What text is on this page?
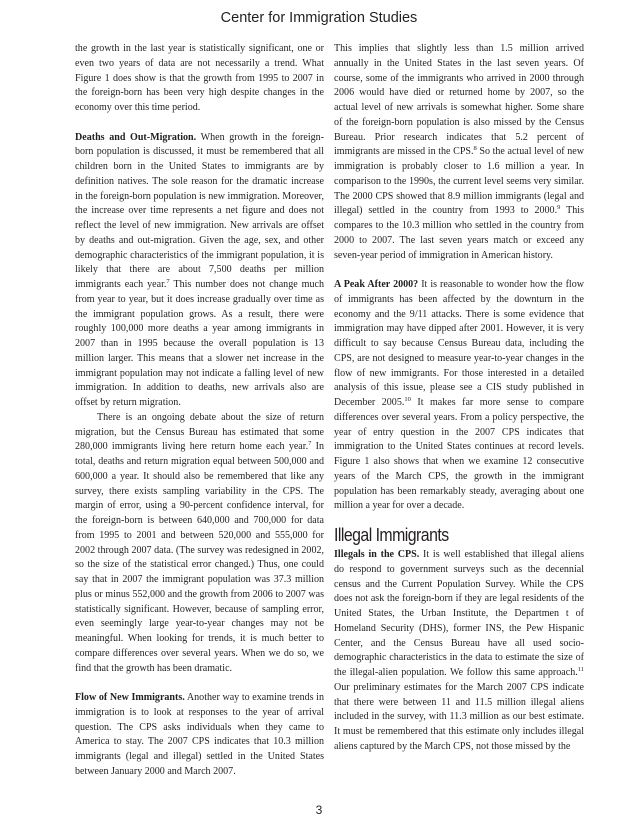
Center for Immigration Studies

the growth in the last year is statistically significant, one or even two years of data are not necessarily a trend. What Figure 1 does show is that the growth from 1995 to 2007 in the foreign-born has been very high despite changes in the economy over this time period.

Deaths and Out-Migration. When growth in the foreign-born population is discussed, it must be remembered that all children born in the United States to immigrants are by definition natives. The sole reason for the dramatic increase in the foreign-born population is new immigration. Moreover, the increase over time represents a net figure and does not reflect the level of new immigration. New arrivals are offset by deaths and out-migration. Given the age, sex, and other demographic characteristics of the immigrant population, it is likely that there are about 7,500 deaths per million immigrants each year.$^7$ This number does not change much from year to year, but it does increase gradually over time as the immigrant population grows. As a result, there were roughly 100,000 more deaths a year among immigrants in 2007 than in 1995 because the overall population is 13 million larger. This means that a slower net increase in the immigrant population may not indicate a falling level of new immigration. In addition to deaths, new arrivals also are offset by return migration.

There is an ongoing debate about the size of return migration, but the Census Bureau has estimated that some 280,000 immigrants living here return home each year.$^7$ In total, deaths and return migration equal between 500,000 and 600,000 a year. It should also be remembered that like any survey, there exists sampling variability in the CPS. The margin of error, using a 90-percent confidence interval, for the foreign-born is between 640,000 and 700,000 for data from 1995 to 2001 and between 520,000 and 555,000 for 2002 through 2007 data. (The survey was redesigned in 2002, so the size of the statistical error changed.) Thus, one could say that in 2007 the immigrant population was 37.3 million plus or minus 552,000 and the growth from 2006 to 2007 was statistically significant. However, because of sampling error, even seemingly large year-to-year changes may not be meaningful. When looking for trends, it is much better to compare differences over several years. When we do so, we find that the growth has been dramatic.

Flow of New Immigrants. Another way to examine trends in immigration is to look at responses to the year of arrival question. The CPS asks individuals when they came to America to stay. The 2007 CPS indicates that 10.3 million immigrants (legal and illegal) settled in the United States between January 2000 and March 2007.

This implies that slightly less than 1.5 million arrived annually in the United States in the last seven years. Of course, some of the immigrants who arrived in 2000 through 2006 would have died or returned home by 2007, so the actual level of new arrivals is somewhat higher. Some share of the foreign-born population is also missed by the Census Bureau. Prior research indicates that 5.2 percent of immigrants are missed in the CPS.$^8$ So the actual level of new immigration is probably closer to 1.6 million a year. In comparison to the 1990s, the current level seems very similar. The 2000 CPS showed that 8.9 million immigrants (legal and illegal) settled in the country from 1993 to 2000.$^9$ This compares to the 10.3 million who settled in the country from 2000 to 2007. The last seven years match or exceed any seven-year period of immigration in American history.

A Peak After 2000? It is reasonable to wonder how the flow of immigrants has been affected by the downturn in the economy and the 9/11 attacks. There is some evidence that immigration may have dipped after 2001. However, it is very difficult to say because Census Bureau data, including the CPS, are not designed to measure year-to-year changes in the flow of new immigrants. For those interested in a detailed analysis of this issue, please see a CIS study published in December 2005.10 It makes far more sense to compare differences over several years. From a policy perspective, the year of entry question in the 2007 CPS indicates that immigration to the United States continues at record levels. Figure 1 also shows that when we examine 12 consecutive years of the March CPS, the growth in the immigrant population has been remarkably steady, averaging about one million a year for over a decade.

Illegal Immigrants

Illegals in the CPS. It is well established that illegal aliens do respond to government surveys such as the decennial census and the Current Population Survey. While the CPS does not ask the foreign-born if they are legal residents of the United States, the Urban Institute, the Departmen t of Homeland Security (DHS), former INS, the Pew Hispanic Center, and the Census Bureau have all used socio-demographic characteristics in the data to estimate the size of the illegal-alien population. We follow this same approach.$^{11}$ Our preliminary estimates for the March 2007 CPS indicate that there were between 11 and 11.5 million illegal aliens included in the survey, with 11.3 million as our best estimate. It must be remembered that this estimate only includes illegal aliens captured by the March CPS, not those missed by the

3
